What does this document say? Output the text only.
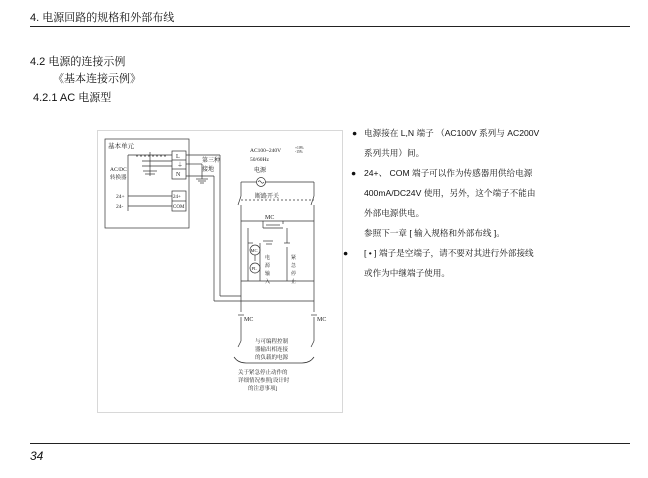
4. 电源回路的规格和外部布线
4.2 电源的连接示例
《基本连接示例》
4.2.1 AC 电源型
基本单元
AC/DC
转换器
24+
24-
L
⏚
N
24+
COM
第三种
接地
AC100~240V	+10%
-15%
50/60Hz
电源
断路开关
MC
MC
PL
电
源
输
入
紧
急
停
止
MC	MC
与可编程控制
器输出相连接
的负载的电源
关于紧急停止动作的
详细情况参照[设计时
的注意事项]
● 电源接在 L,N 端子 （AC100V 系列与 AC200V
系列共用）间。
● 24+、 COM 端子可以作为传感器用供给电源
400mA/DC24V 使用，另外，这个端子不能由
外部电源供电。
参照下一章 [ 输入规格和外部布线 ]。
● [ • ] 端子是空端子，请不要对其进行外部接线
或作为中继端子使用。
34
